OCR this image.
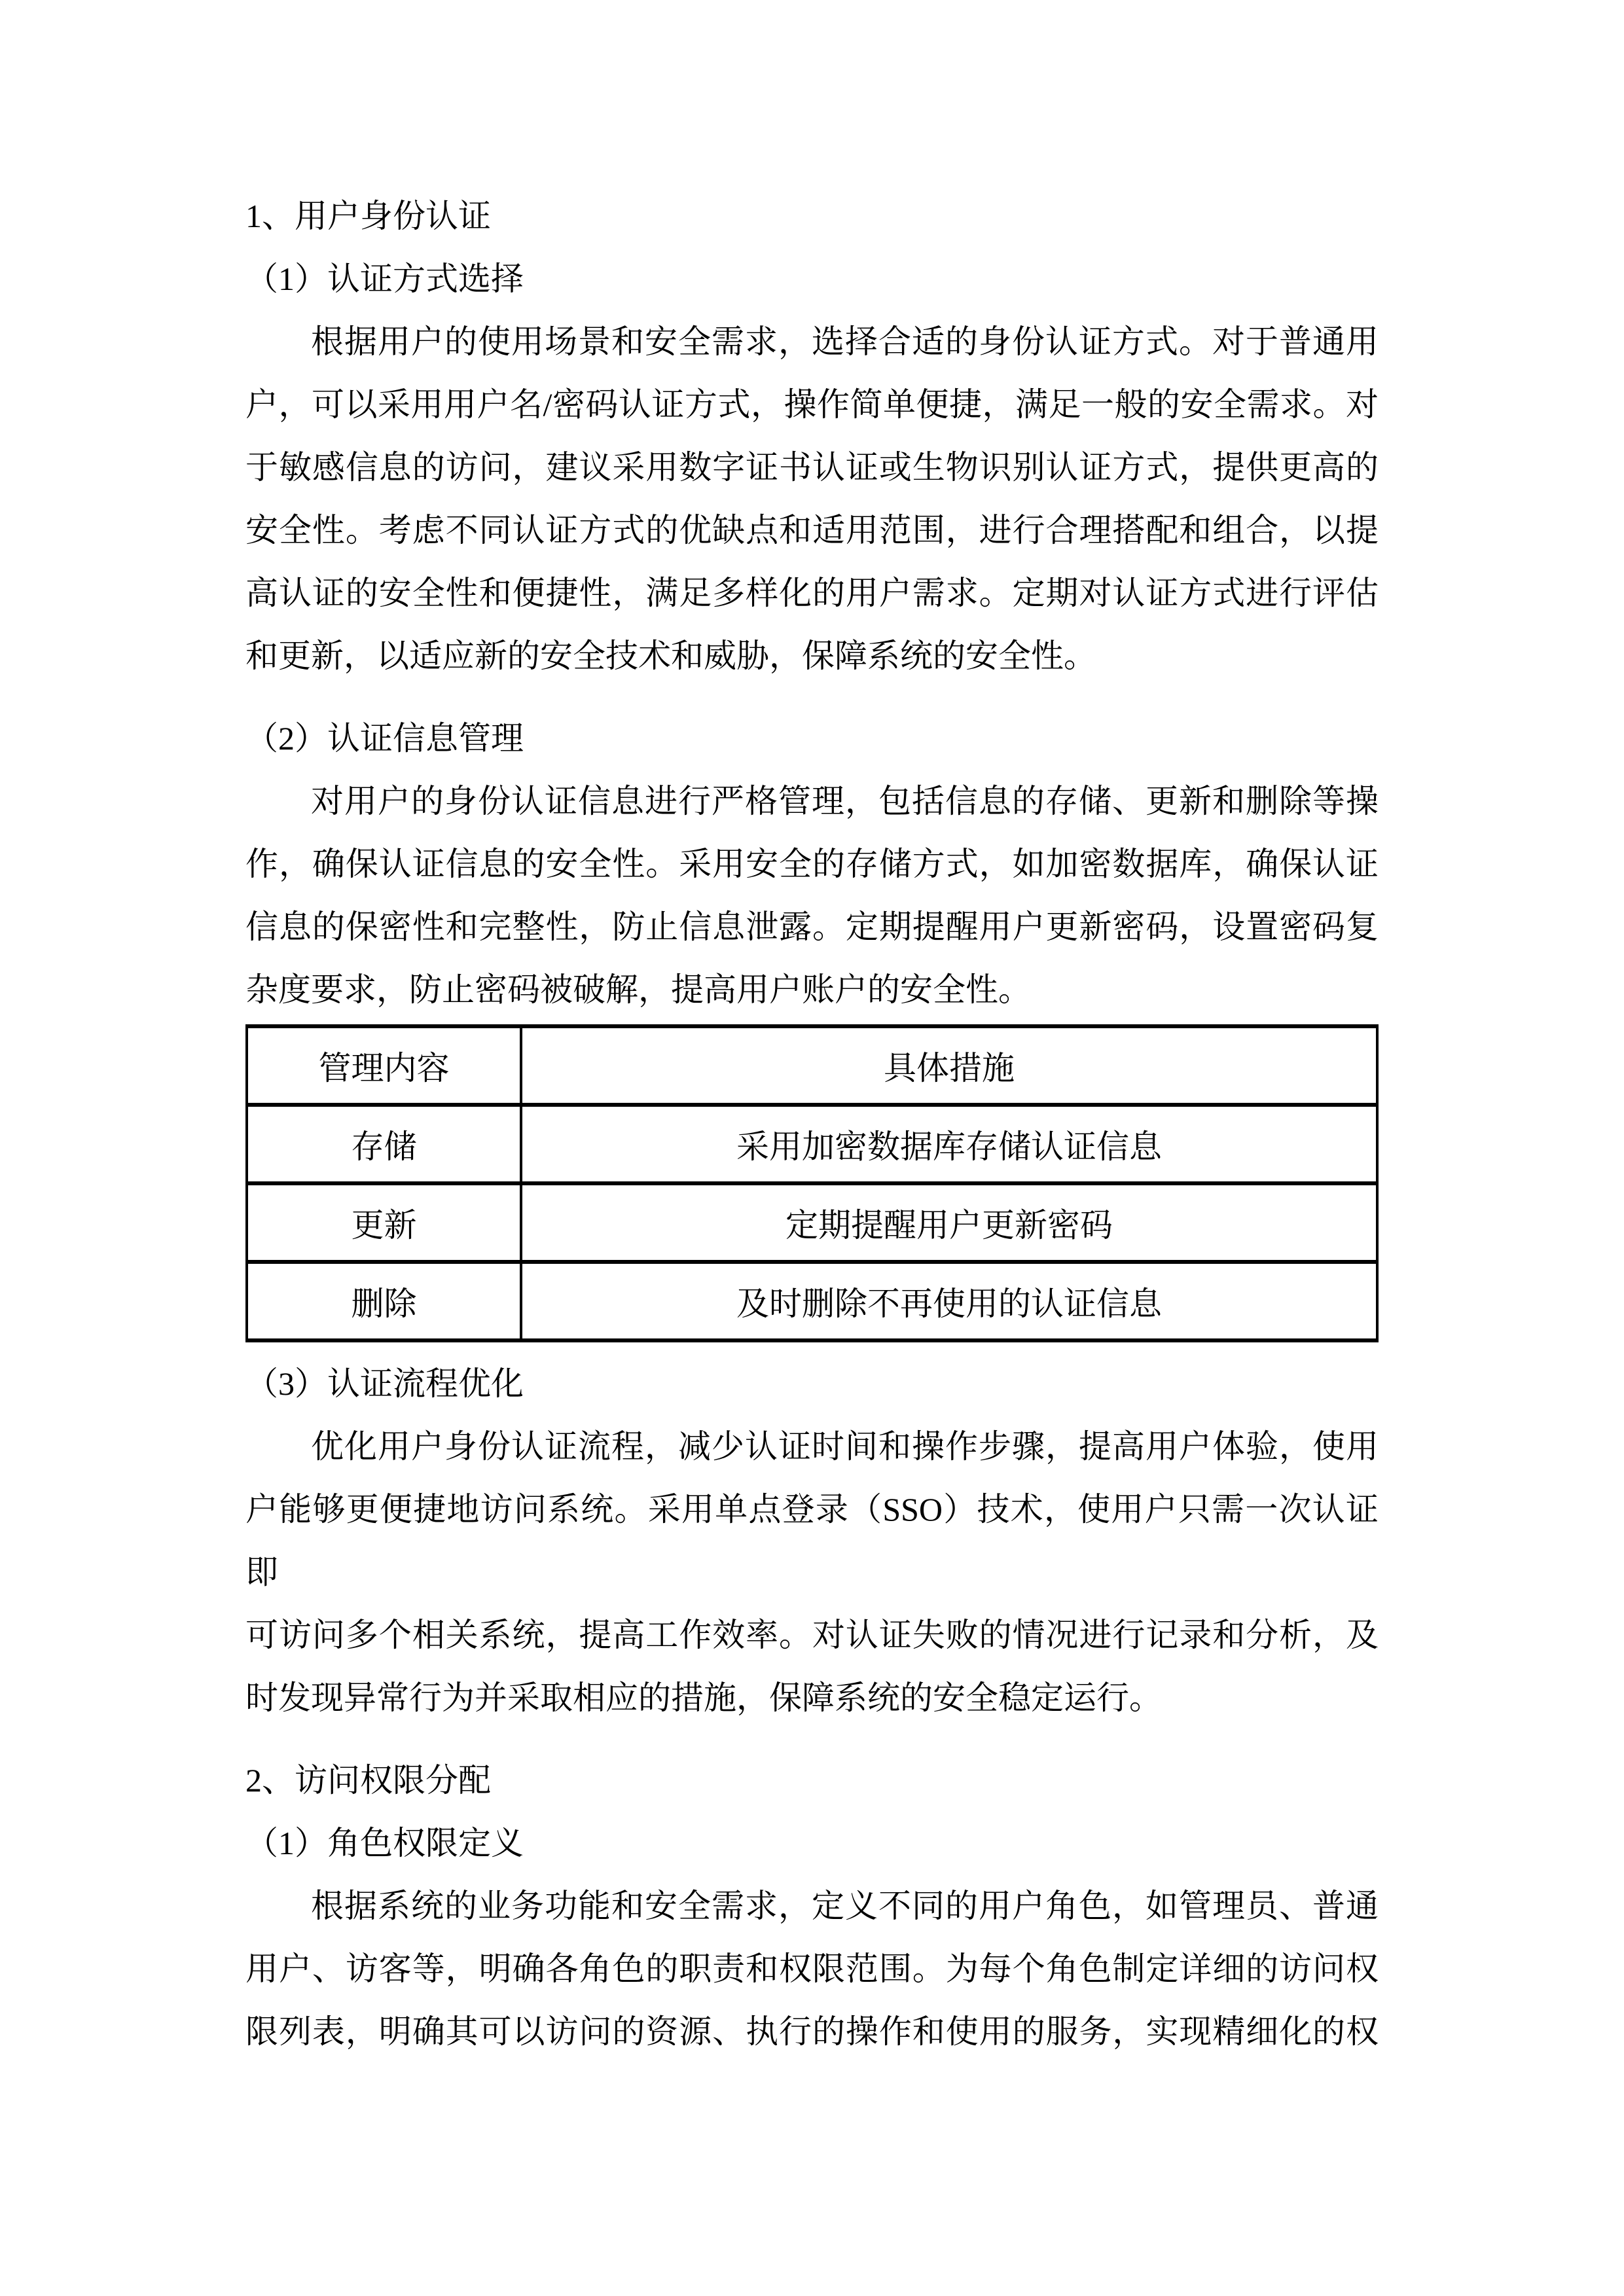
1、用户身份认证
（1）认证方式选择
根据用户的使用场景和安全需求，选择合适的身份认证方式。对于普通用
户，可以采用用户名/密码认证方式，操作简单便捷，满足一般的安全需求。对
于敏感信息的访问，建议采用数字证书认证或生物识别认证方式，提供更高的
安全性。考虑不同认证方式的优缺点和适用范围，进行合理搭配和组合，以提
高认证的安全性和便捷性，满足多样化的用户需求。定期对认证方式进行评估
和更新，以适应新的安全技术和威胁，保障系统的安全性。
（2）认证信息管理
对用户的身份认证信息进行严格管理，包括信息的存储、更新和删除等操
作，确保认证信息的安全性。采用安全的存储方式，如加密数据库，确保认证
信息的保密性和完整性，防止信息泄露。定期提醒用户更新密码，设置密码复
杂度要求，防止密码被破解，提高用户账户的安全性。
管理内容	具体措施
存储	采用加密数据库存储认证信息
更新	定期提醒用户更新密码
删除	及时删除不再使用的认证信息
（3）认证流程优化
优化用户身份认证流程，减少认证时间和操作步骤，提高用户体验，使用
户能够更便捷地访问系统。采用单点登录（SSO）技术，使用户只需一次认证即
可访问多个相关系统，提高工作效率。对认证失败的情况进行记录和分析，及
时发现异常行为并采取相应的措施，保障系统的安全稳定运行。
2、访问权限分配
（1）角色权限定义
根据系统的业务功能和安全需求，定义不同的用户角色，如管理员、普通
用户、访客等，明确各角色的职责和权限范围。为每个角色制定详细的访问权
限列表，明确其可以访问的资源、执行的操作和使用的服务，实现精细化的权
